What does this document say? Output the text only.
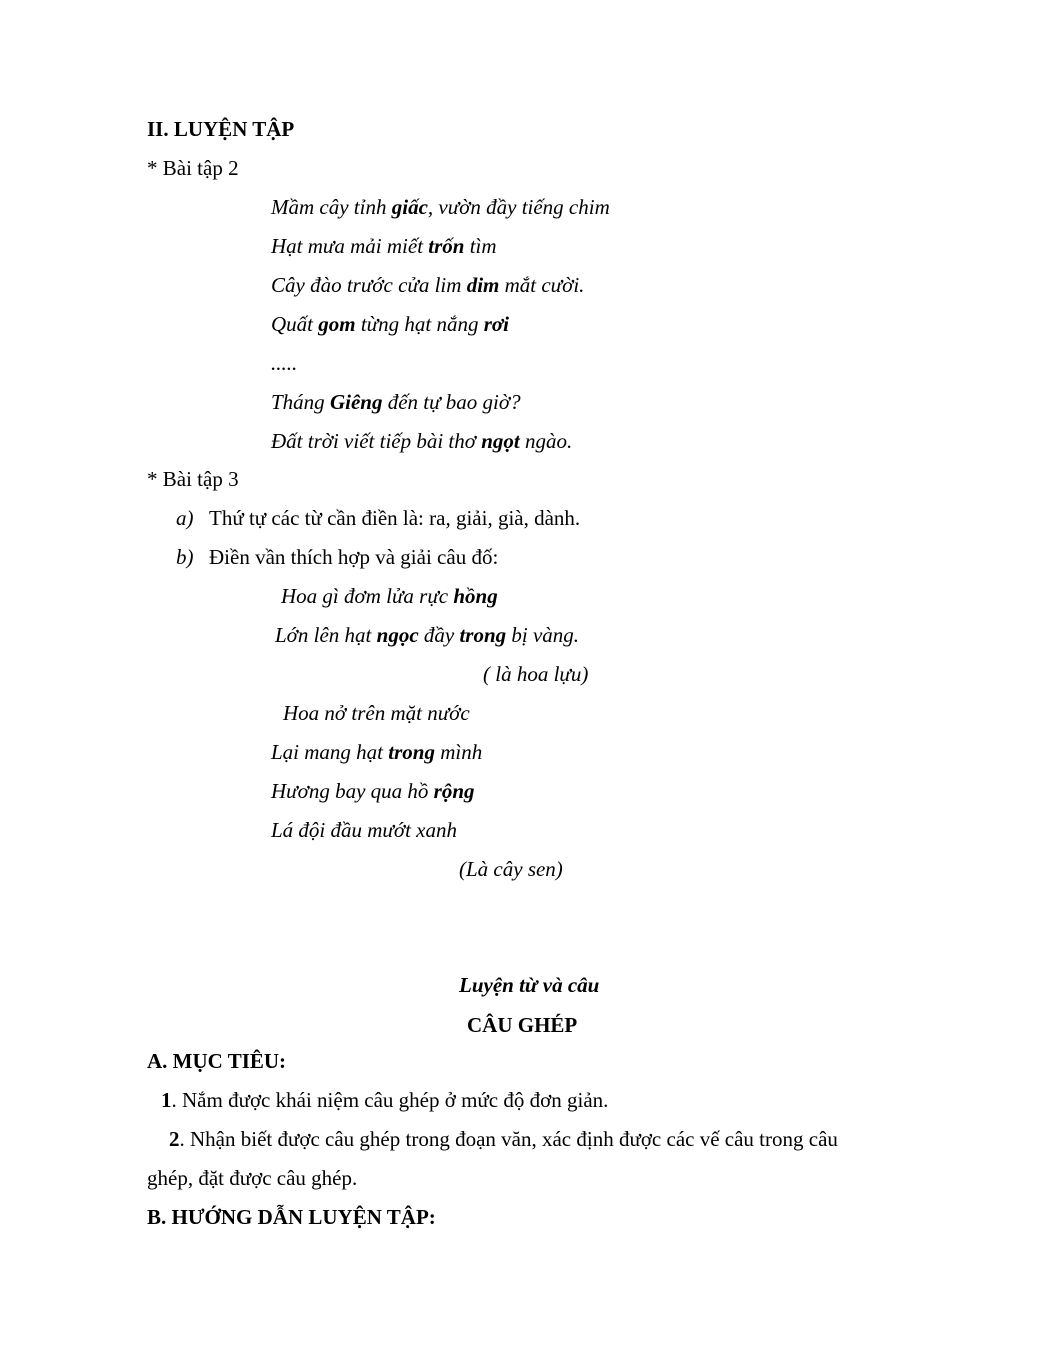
II. LUYỆN TẬP
* Bài tập 2
Mầm cây tỉnh giấc, vườn đầy tiếng chim
Hạt mưa mải miết trốn tìm
Cây đào trước cửa lim dim mắt cười.
Quất gom từng hạt nắng rơi
.....
Tháng Giêng đến tự bao giờ?
Đất trời viết tiếp bài thơ ngọt ngào.
* Bài tập 3
a) Thứ tự các từ cần điền là: ra, giải, già, dành.
b) Điền vần thích hợp và giải câu đố:
Hoa gì đơm lửa rực hồng
Lớn lên hạt ngọc đầy trong bị vàng.
( là hoa lựu)
Hoa nở trên mặt nước
Lại mang hạt trong mình
Hương bay qua hồ rộng
Lá đội đầu mướt xanh
(Là cây sen)
Luyện từ và câu
CÂU GHÉP
A. MỤC TIÊU:
1. Nắm được khái niệm câu ghép ở mức độ đơn giản.
2. Nhận biết được câu ghép trong đoạn văn, xác định được các vế câu trong câu
ghép, đặt được câu ghép.
B. HƯỚNG DẪN LUYỆN TẬP:
